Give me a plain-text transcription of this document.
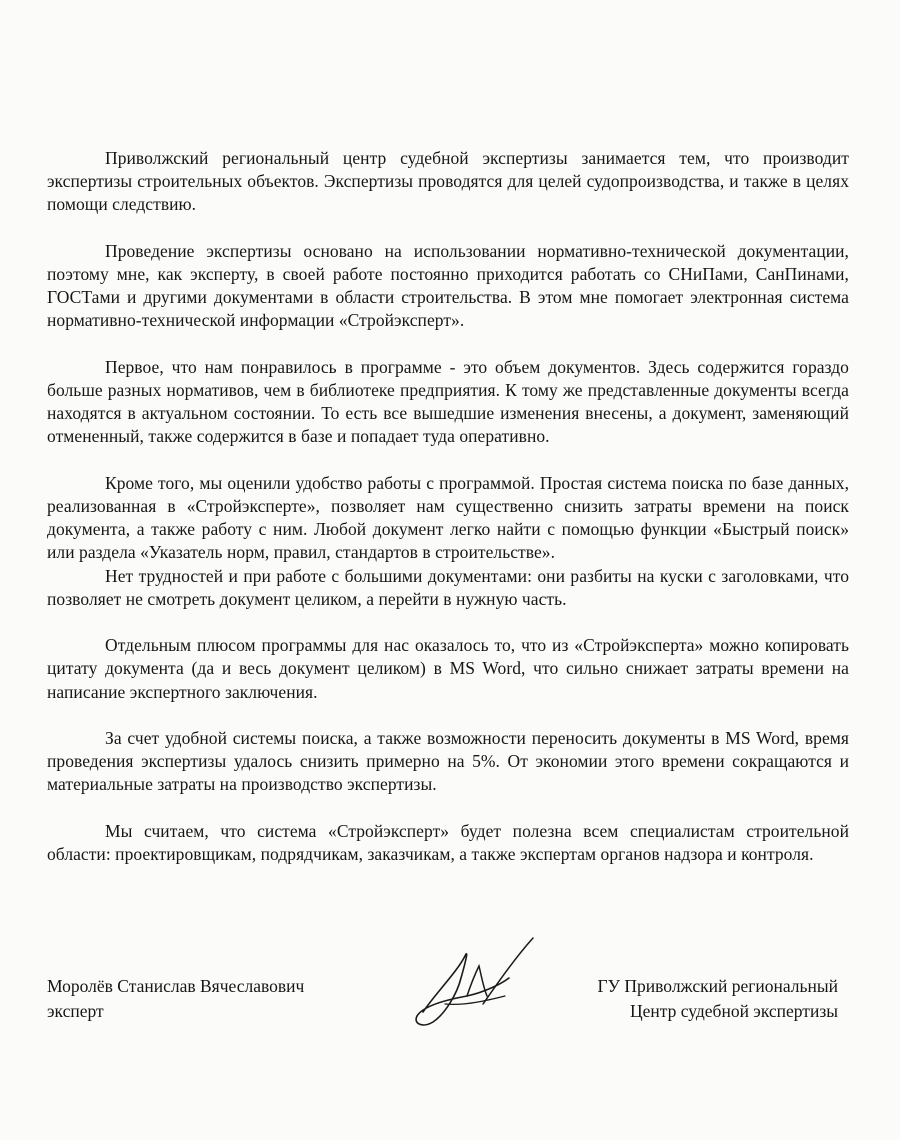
Приволжский региональный центр судебной экспертизы занимается тем, что производит экспертизы строительных объектов. Экспертизы проводятся для целей судопроизводства, и также в целях помощи следствию.

Проведение экспертизы основано на использовании нормативно-технической документации, поэтому мне, как эксперту, в своей работе постоянно приходится работать со СНиПами, СанПинами, ГОСТами и другими документами в области строительства. В этом мне помогает электронная система нормативно-технической информации «Стройэксперт».

Первое, что нам понравилось в программе - это объем документов. Здесь содержится гораздо больше разных нормативов, чем в библиотеке предприятия. К тому же представленные документы всегда находятся в актуальном состоянии. То есть все вышедшие изменения внесены, а документ, заменяющий отмененный, также содержится в базе и попадает туда оперативно.

Кроме того, мы оценили удобство работы с программой. Простая система поиска по базе данных, реализованная в «Стройэксперте», позволяет нам существенно снизить затраты времени на поиск документа, а также работу с ним. Любой документ легко найти с помощью функции «Быстрый поиск» или раздела «Указатель норм, правил, стандартов в строительстве».

Нет трудностей и при работе с большими документами: они разбиты на куски с заголовками, что позволяет не смотреть документ целиком, а перейти в нужную часть.

Отдельным плюсом программы для нас оказалось то, что из «Стройэксперта» можно копировать цитату документа (да и весь документ целиком) в MS Word, что сильно снижает затраты времени на написание экспертного заключения.

За счет удобной системы поиска, а также возможности переносить документы в MS Word, время проведения экспертизы удалось снизить примерно на 5%. От экономии этого времени сокращаются и материальные затраты на производство экспертизы.

Мы считаем, что система «Стройэксперт» будет полезна всем специалистам строительной области: проектировщикам, подрядчикам, заказчикам, а также экспертам органов надзора и контроля.

Моролёв Станислав Вячеславович
эксперт
ГУ Приволжский региональный
Центр судебной экспертизы
